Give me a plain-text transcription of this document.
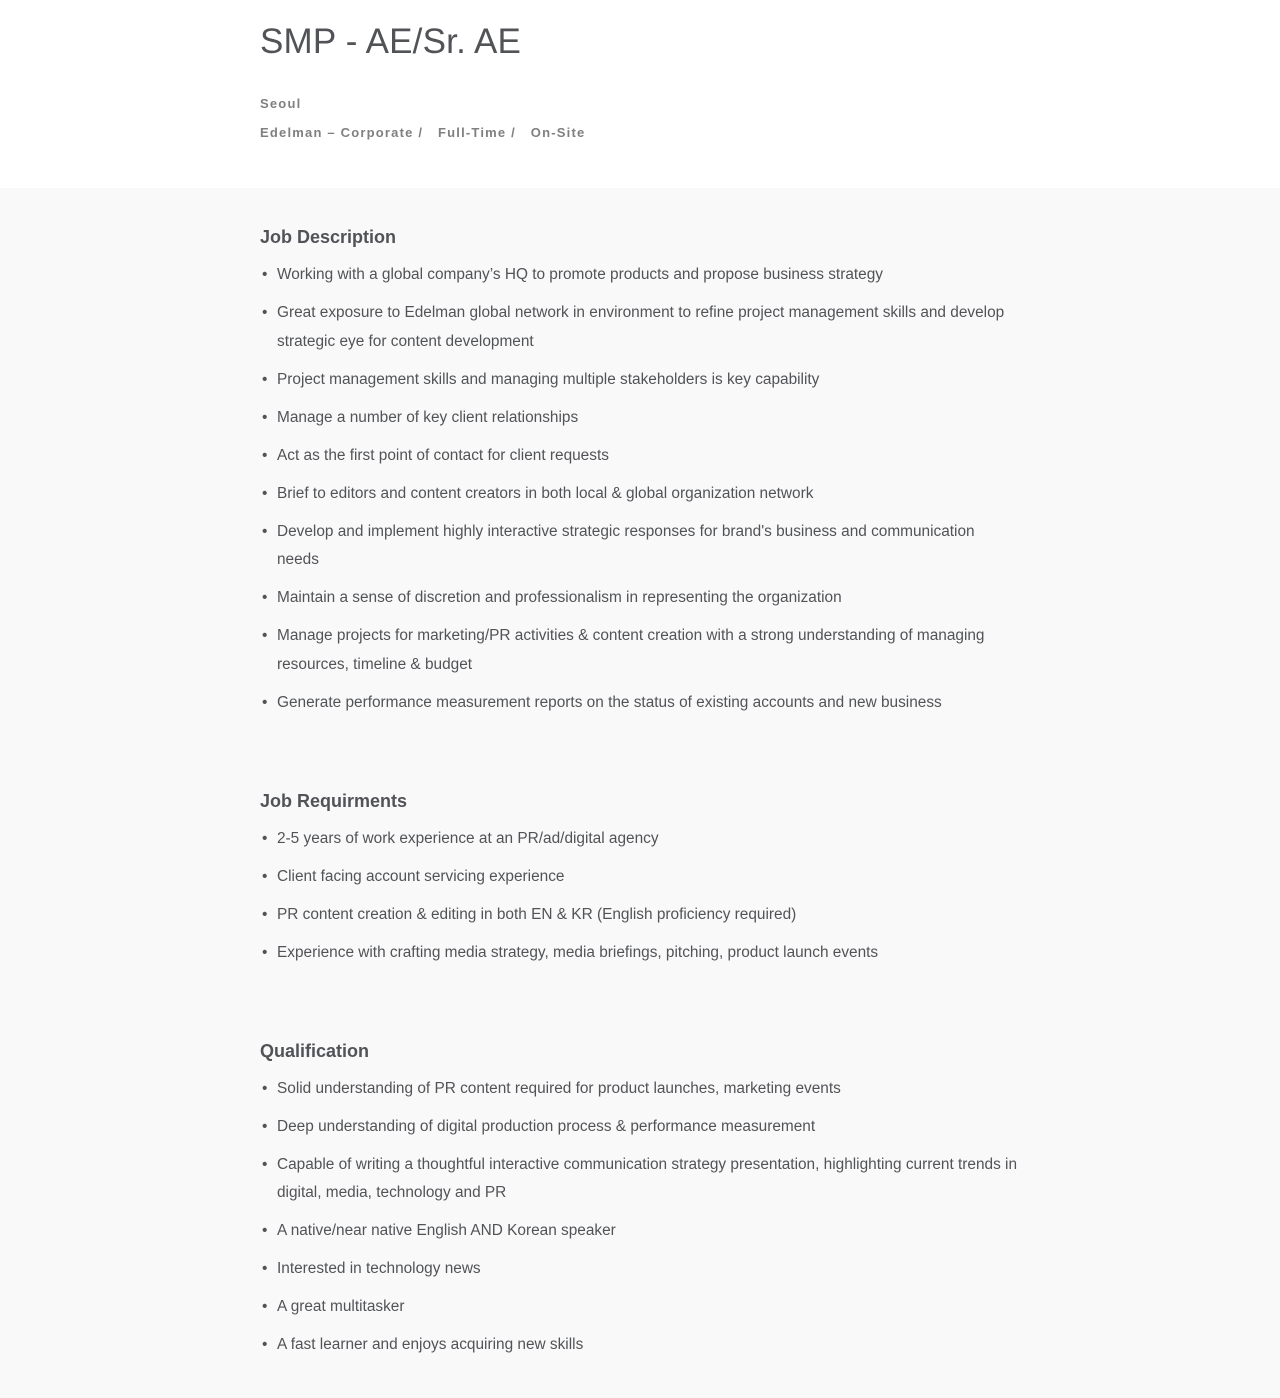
SMP - AE/Sr. AE
Seoul
Edelman – Corporate / Full-Time / On-Site
Job Description
• Working with a global company’s HQ to promote products and propose business strategy
• Great exposure to Edelman global network in environment to refine project management skills and develop strategic eye for content development
• Project management skills and managing multiple stakeholders is key capability
• Manage a number of key client relationships
• Act as the first point of contact for client requests
• Brief to editors and content creators in both local & global organization network
• Develop and implement highly interactive strategic responses for brand's business and communication needs
• Maintain a sense of discretion and professionalism in representing the organization
• Manage projects for marketing/PR activities & content creation with a strong understanding of managing resources, timeline & budget
• Generate performance measurement reports on the status of existing accounts and new business
Job Requirments
• 2-5 years of work experience at an PR/ad/digital agency
• Client facing account servicing experience
• PR content creation & editing in both EN & KR (English proficiency required)
• Experience with crafting media strategy, media briefings, pitching, product launch events
Qualification
• Solid understanding of PR content required for product launches, marketing events
• Deep understanding of digital production process & performance measurement
• Capable of writing a thoughtful interactive communication strategy presentation, highlighting current trends in digital, media, technology and PR
• A native/near native English AND Korean speaker
• Interested in technology news
• A great multitasker
• A fast learner and enjoys acquiring new skills
